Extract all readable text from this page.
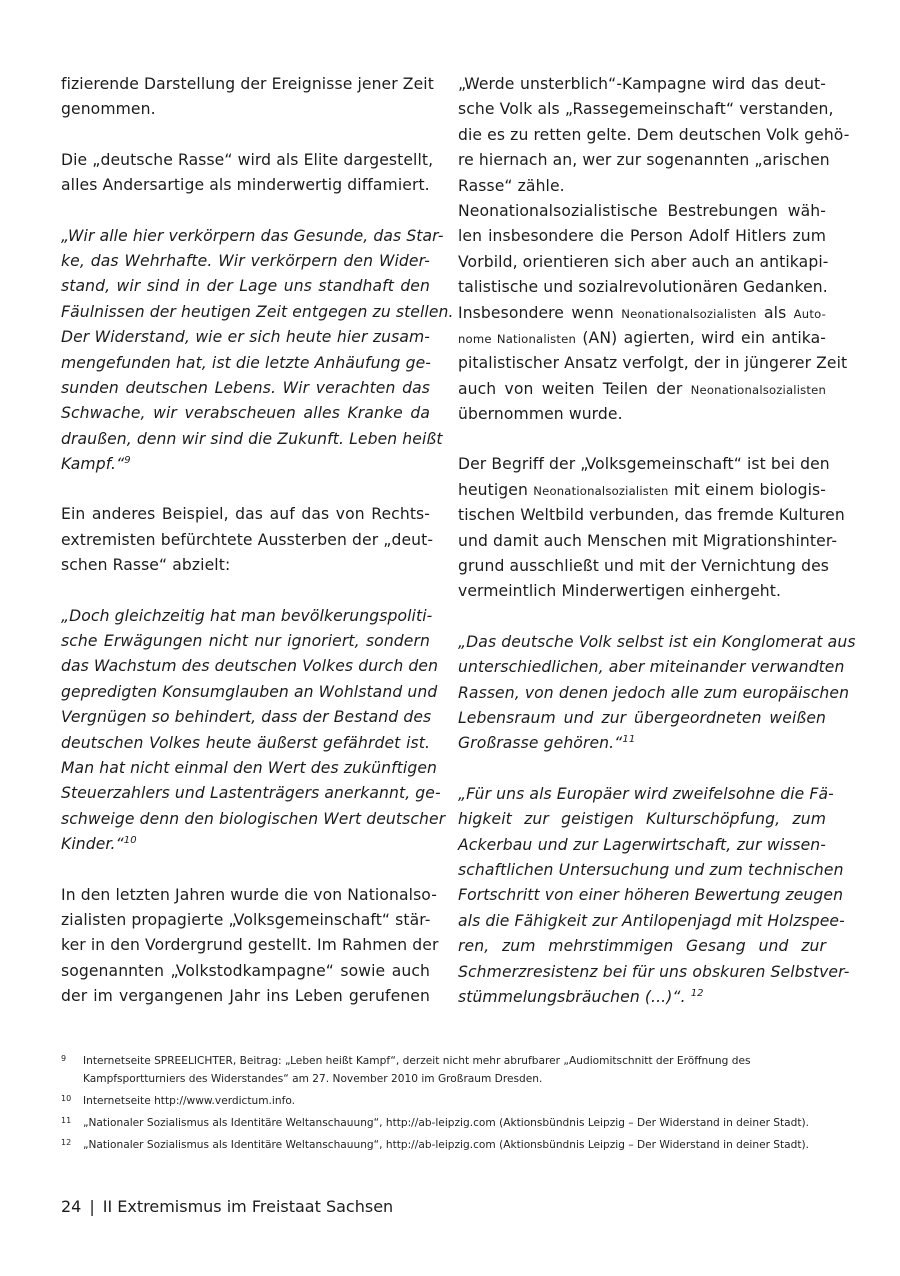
fizierende Darstellung der Ereignisse jener Zeit
genommen.
Die „deutsche Rasse“ wird als Elite dargestellt,
alles Andersartige als minderwertig diffamiert.
„Wir alle hier verkörpern das Gesunde, das Star-
ke, das Wehrhafte. Wir verkörpern den Wider-
stand, wir sind in der Lage uns standhaft den
Fäulnissen der heutigen Zeit entgegen zu stellen.
Der Widerstand, wie er sich heute hier zusam-
mengefunden hat, ist die letzte Anhäufung ge-
sunden deutschen Lebens. Wir verachten das
Schwache, wir verabscheuen alles Kranke da
draußen, denn wir sind die Zukunft. Leben heißt
Kampf.“$^9$
Ein anderes Beispiel, das auf das von Rechts-
extremisten befürchtete Aussterben der „deut-
schen Rasse“ abzielt:
„Doch gleichzeitig hat man bevölkerungspoliti-
sche Erwägungen nicht nur ignoriert, sondern
das Wachstum des deutschen Volkes durch den
gepredigten Konsumglauben an Wohlstand und
Vergnügen so behindert, dass der Bestand des
deutschen Volkes heute äußerst gefährdet ist.
Man hat nicht einmal den Wert des zukünftigen
Steuerzahlers und Lastenträgers anerkannt, ge-
schweige denn den biologischen Wert deutscher
Kinder.“$^{10}$
In den letzten Jahren wurde die von Nationalso-
zialisten propagierte „Volksgemeinschaft“ stär-
ker in den Vordergrund gestellt. Im Rahmen der
sogenannten „Volkstodkampagne“ sowie auch
der im vergangenen Jahr ins Leben gerufenen
„Werde unsterblich“-Kampagne wird das deut-
sche Volk als „Rassegemeinschaft“ verstanden,
die es zu retten gelte. Dem deutschen Volk gehö-
re hiernach an, wer zur sogenannten „arischen
Rasse“ zähle.
Neonationalsozialistische Bestrebungen wäh-
len insbesondere die Person Adolf Hitlers zum
Vorbild, orientieren sich aber auch an antikapi-
talistische und sozialrevolutionären Gedanken.
Insbesondere wenn Neonationalsozialisten als Auto-
nome Nationalisten (AN) agierten, wird ein antika-
pitalistischer Ansatz verfolgt, der in jüngerer Zeit
auch von weiten Teilen der Neonationalsozialisten
übernommen wurde.
Der Begriff der „Volksgemeinschaft“ ist bei den
heutigen Neonationalsozialisten mit einem biologis-
tischen Weltbild verbunden, das fremde Kulturen
und damit auch Menschen mit Migrationshinter-
grund ausschließt und mit der Vernichtung des
vermeintlich Minderwertigen einhergeht.
„Das deutsche Volk selbst ist ein Konglomerat aus
unterschiedlichen, aber miteinander verwandten
Rassen, von denen jedoch alle zum europäischen
Lebensraum und zur übergeordneten weißen
Großrasse gehören.“$^{11}$
„Für uns als Europäer wird zweifelsohne die Fä-
higkeit zur geistigen Kulturschöpfung, zum
Ackerbau und zur Lagerwirtschaft, zur wissen-
schaftlichen Untersuchung und zum technischen
Fortschritt von einer höheren Bewertung zeugen
als die Fähigkeit zur Antilopenjagd mit Holzspee-
ren, zum mehrstimmigen Gesang und zur
Schmerzresistenz bei für uns obskuren Selbstver-
stümmelungsbräuchen (...)“. $^{12}$
9	Internetseite SPREELICHTER, Beitrag: „Leben heißt Kampf“, derzeit nicht mehr abrufbarer „Audiomitschnitt der Eröffnung des Kampfsportturniers des Widerstandes“ am 27. November 2010 im Großraum Dresden.
10	Internetseite http://www.verdictum.info.
11	„Nationaler Sozialismus als Identitäre Weltanschauung“, http://ab-leipzig.com (Aktionsbündnis Leipzig – Der Widerstand in deiner Stadt).
12	„Nationaler Sozialismus als Identitäre Weltanschauung“, http://ab-leipzig.com (Aktionsbündnis Leipzig – Der Widerstand in deiner Stadt).
24 | II Extremismus im Freistaat Sachsen
